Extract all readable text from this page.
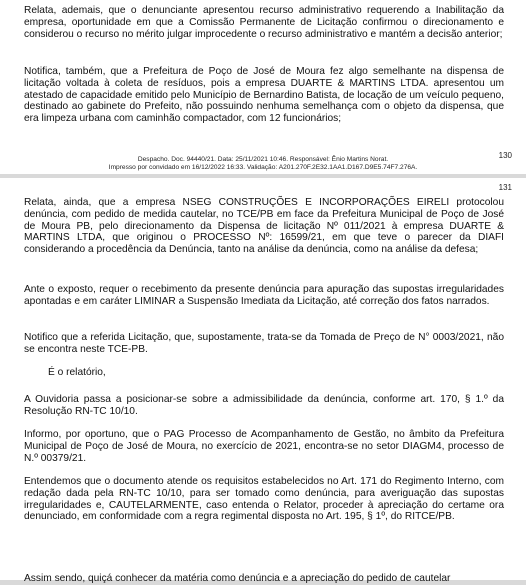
Relata, ademais, que o denunciante apresentou recurso administrativo requerendo a Inabilitação da empresa, oportunidade em que a Comissão Permanente de Licitação confirmou o direcionamento e considerou o recurso no mérito julgar improcedente o recurso administrativo e mantém a decisão anterior;

Notifica, também, que a Prefeitura de Poço de José de Moura fez algo semelhante na dispensa de licitação voltada à coleta de resíduos, pois a empresa DUARTE & MARTINS LTDA. apresentou um atestado de capacidade emitido pelo Município de Bernardino Batista, de locação de um veículo pequeno, destinado ao gabinete do Prefeito, não possuindo nenhuma semelhança com o objeto da dispensa, que era limpeza urbana com caminhão compactador, com 12 funcionários;

Despacho. Doc. 94440/21. Data: 25/11/2021 10:46. Responsável: Ênio Martins Norat.
Impresso por convidado em 16/12/2022 16:33. Validação: A201.270F.2E32.1AA1.D167.D9E5.74F7.276A.
130
131

Relata, ainda, que a empresa NSEG CONSTRUÇÕES E INCORPORAÇÕES EIRELI protocolou denúncia, com pedido de medida cautelar, no TCE/PB em face da Prefeitura Municipal de Poço de José de Moura PB, pelo direcionamento da Dispensa de licitação Nº 011/2021 à empresa DUARTE & MARTINS LTDA, que originou o PROCESSO Nº: 16599/21, em que teve o parecer da DIAFI considerando a procedência da Denúncia, tanto na análise da denúncia, como na análise da defesa;

Ante o exposto, requer o recebimento da presente denúncia para apuração das supostas irregularidades apontadas e em caráter LIMINAR a Suspensão Imediata da Licitação, até correção dos fatos narrados.

Notifico que a referida Licitação, que, supostamente, trata-se da Tomada de Preço de N° 0003/2021, não se encontra neste TCE-PB.

É o relatório,

A Ouvidoria passa a posicionar-se sobre a admissibilidade da denúncia, conforme art. 170, § 1.º da Resolução RN-TC 10/10.

Informo, por oportuno, que o PAG Processo de Acompanhamento de Gestão, no âmbito da Prefeitura Municipal de Poço de José de Moura, no exercício de 2021, encontra-se no setor DIAGM4, processo de N.º 00379/21.

Entendemos que o documento atende os requisitos estabelecidos no Art. 171 do Regimento Interno, com redação dada pela RN-TC 10/10, para ser tomado como denúncia, para averiguação das supostas irregularidades e, CAUTELARMENTE, caso entenda o Relator, proceder à apreciação do certame ora denunciado, em conformidade com a regra regimental disposta no Art. 195, § 1º, do RITCE/PB.

Assim sendo, quiçá conhecer da matéria como denúncia e a apreciação do pedido de cautelar
